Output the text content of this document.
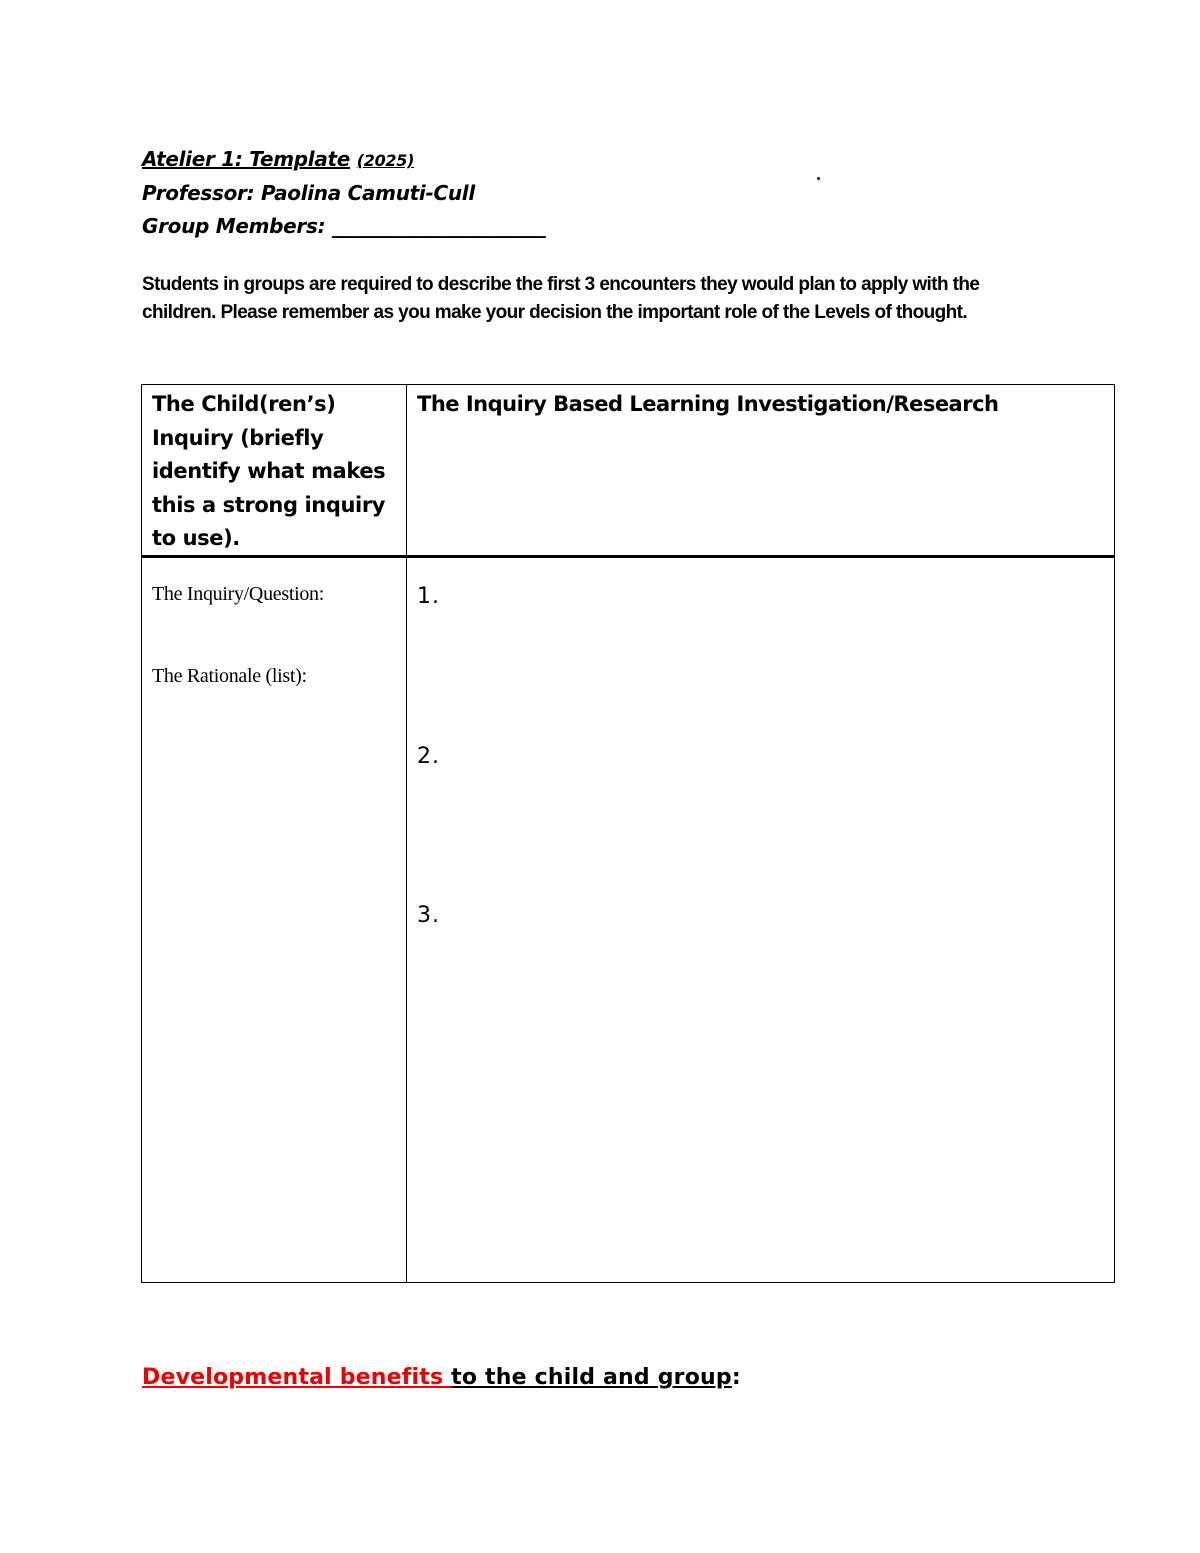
Atelier 1: Template (2025)
Professor: Paolina Camuti-Cull
Group Members: ______________________
Students in groups are required to describe the first 3 encounters they would plan to apply with the children. Please remember as you make your decision the important role of the Levels of thought.
The Child(ren’s) Inquiry (briefly identify what makes this a strong inquiry to use).
The Inquiry Based Learning Investigation/Research
The Inquiry/Question:
The Rationale (list):
1.
2.
3.
Developmental benefits to the child and group:
